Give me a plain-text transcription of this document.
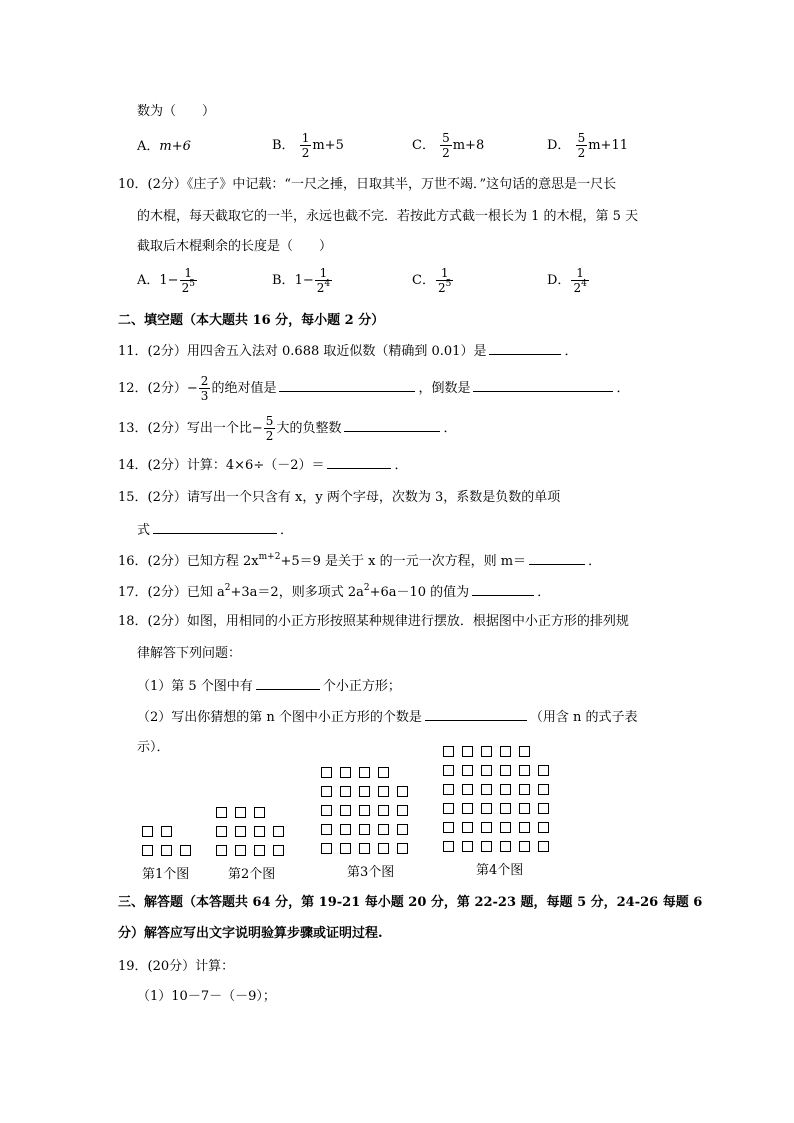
数为（　　）
A．m+6	B． $\frac{1}{2} m+5$	C． $\frac{5}{2} m+8$	D． $\frac{5}{2} m+11$
10．(2分）《庄子》中记载：“一尺之捶，日取其半，万世不竭．”这句话的意思是一尺长
的木棍，每天截取它的一半，永远也截不完．若按此方式截一根长为 1 的木棍，第 5 天
截取后木棍剩余的长度是（　　）
A．$1- \frac{1}{2^5}$	B．$1- \frac{1}{2^4}$	C． $\frac{1}{2^5}$	D． $\frac{1}{2^4}$
二、填空题（本大题共 16 分，每小题 2 分）
11．(2分）用四舍五入法对 0.688 取近似数（精确到 0.01）是	．
12．(2分）− $\frac{2}{3}$ 的绝对值是	，倒数是	．
13．(2分）写出一个比− $\frac{5}{2}$ 大的负整数	．
14．(2分）计算：4×6÷（－2）＝	．
15．(2分）请写出一个只含有 x，y 两个字母，次数为 3，系数是负数的单项
式	．
16．(2分）已知方程 $2x^{m+2}+5=9$ 是关于 x 的一元一次方程，则 m＝	．
17．(2分）已知 $a^2+3a=2$，则多项式 $2a^2+6a-10$ 的值为	．
18．(2分）如图，用相同的小正方形按照某种规律进行摆放．根据图中小正方形的排列规
律解答下列问题：
（1）第 5 个图中有	个小正方形；
（2）写出你猜想的第 n 个图中小正方形的个数是	（用含 n 的式子表
示）．
第1个图	第2个图	第3个图	第4个图
三、解答题（本答题共 64 分，第 19-21 每小题 20 分，第 22-23 题，每题 5 分，24-26 每题 6
分）解答应写出文字说明验算步骤或证明过程.
19．(20分）计算：
（1）10－7－（－9）；
